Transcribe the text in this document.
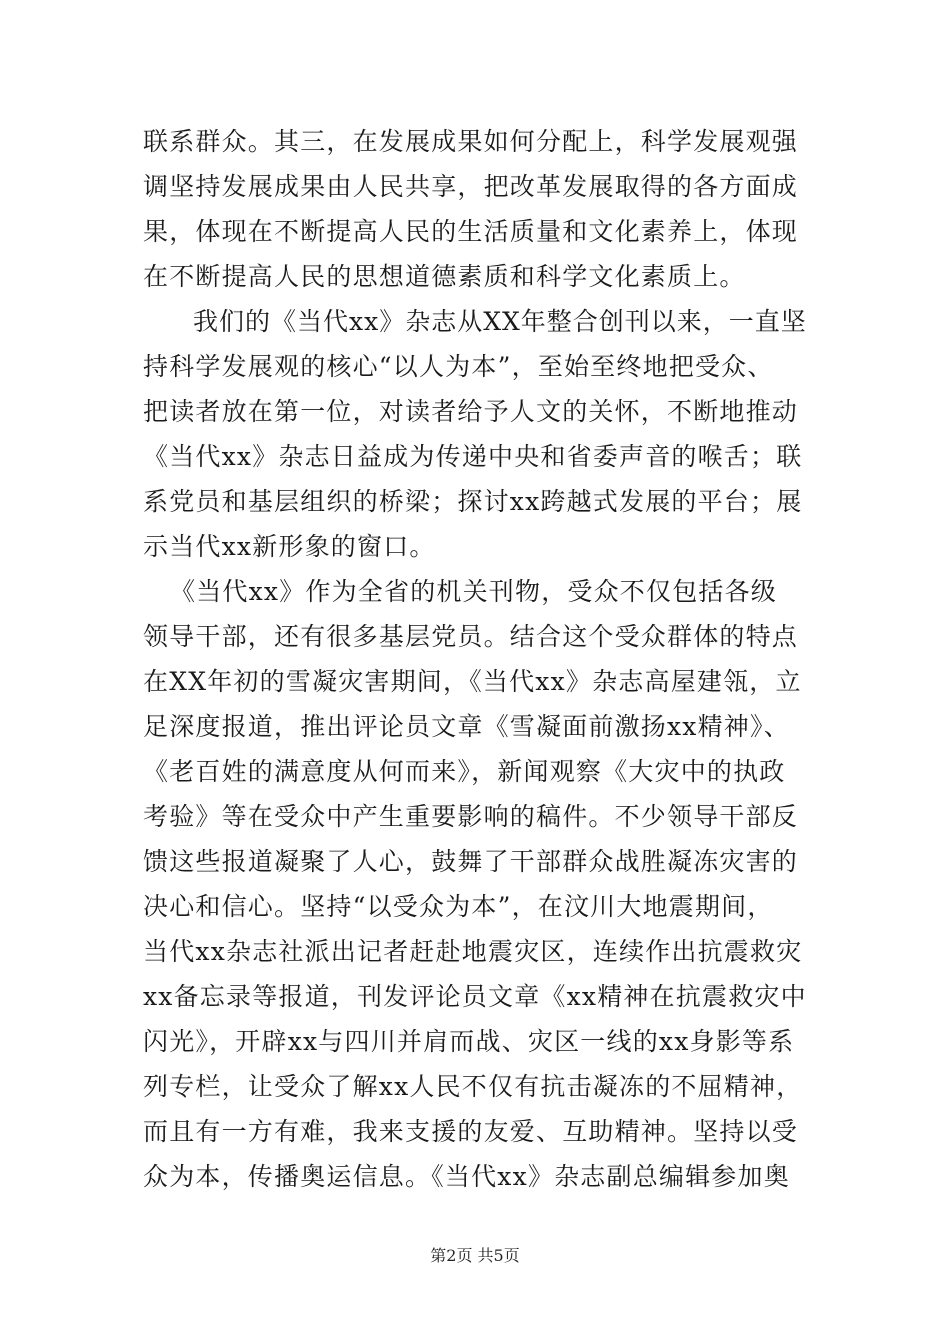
联系群众。其三，在发展成果如何分配上，科学发展观强
调坚持发展成果由人民共享，把改革发展取得的各方面成
果，体现在不断提高人民的生活质量和文化素养上，体现
在不断提高人民的思想道德素质和科学文化素质上。
我们的《当代xx》杂志从XX年整合创刊以来，一直坚
持科学发展观的核心“以人为本”，至始至终地把受众、
把读者放在第一位，对读者给予人文的关怀，不断地推动
《当代xx》杂志日益成为传递中央和省委声音的喉舌；联
系党员和基层组织的桥梁；探讨xx跨越式发展的平台；展
示当代xx新形象的窗口。
《当代xx》作为全省的机关刊物，受众不仅包括各级
领导干部，还有很多基层党员。结合这个受众群体的特点
在XX年初的雪凝灾害期间，《当代xx》杂志高屋建瓴，立
足深度报道，推出评论员文章《雪凝面前激扬xx精神》、
《老百姓的满意度从何而来》，新闻观察《大灾中的执政
考验》等在受众中产生重要影响的稿件。不少领导干部反
馈这些报道凝聚了人心，鼓舞了干部群众战胜凝冻灾害的
决心和信心。坚持“以受众为本”，在汶川大地震期间，
当代xx杂志社派出记者赶赴地震灾区，连续作出抗震救灾
xx备忘录等报道，刊发评论员文章《xx精神在抗震救灾中
闪光》，开辟xx与四川并肩而战、灾区一线的xx身影等系
列专栏，让受众了解xx人民不仅有抗击凝冻的不屈精神，
而且有一方有难，我来支援的友爱、互助精神。坚持以受
众为本，传播奥运信息。《当代xx》杂志副总编辑参加奥
第2页 共5页
